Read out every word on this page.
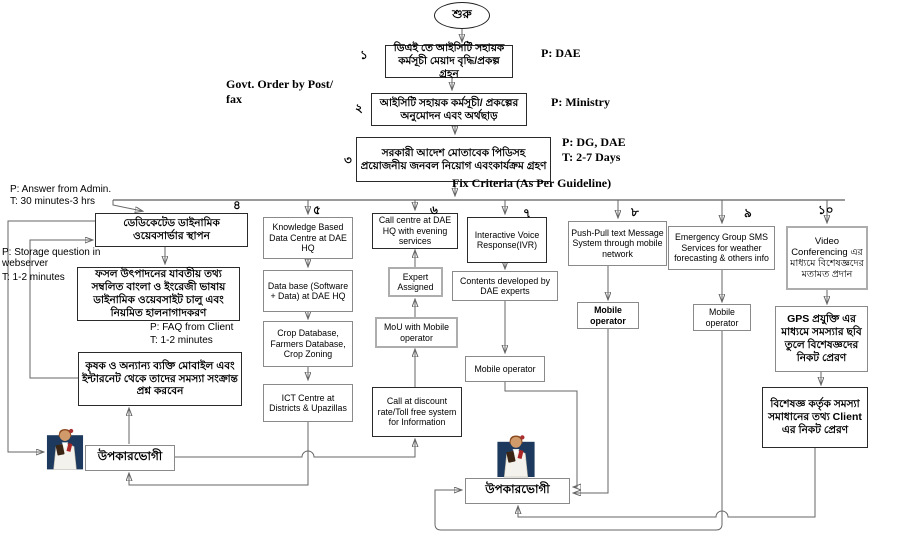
শুরু
ডিএই তে আইসিটি সহায়ক কর্মসূচী মেয়াদ বৃদ্ধি/প্রকল্প গ্রহন
১	P: DAE
আইসিটি সহায়ক কর্মসূচী/ প্রকল্পের অনুমোদন এবং অর্থছাড়
২	P: Ministry
Govt. Order by Post/ fax
সরকারী আদেশ মোতাবেক পিডিসহ প্রয়োজনীয় জনবল নিয়োগ এবংকার্যক্রম গ্রহণ
৩
P: DG, DAE
T: 2-7 Days
Fix Criteria (As Per Guideline)
৪	৫	৬	৭	৮	৯	১০
ডেডিকেটেড ডাইনামিক ওয়েবসার্ভার স্থাপন
P: Answer from Admin.
T: 30 minutes-3 hrs
ফসল উৎপাদনের যাবতীয় তথ্য সম্বলিত বাংলা ও ইংরেজী ভাষায় ডাইনামিক ওয়েবসাইট চালু এবং নিয়মিত হালনাগাদকরণ
P: Storage question in webserver
T: 1-2 minutes
P: FAQ from Client
T: 1-2 minutes
কৃষক ও অন্যান্য ব্যক্তি মোবাইল এবং ইন্টারনেট থেকে তাদের সমস্যা সংক্রান্ত প্রশ্ন করবেন
Knowledge Based Data Centre at DAE HQ
Data base (Software + Data) at DAE HQ
Crop Database, Farmers Database, Crop Zoning
ICT Centre at Districts & Upazillas
Call centre at DAE HQ with evening services
Expert Assigned
MoU with Mobile operator
Call at discount rate/Toll free system for Information
Interactive Voice Response(IVR)
Contents developed by DAE experts
Mobile operator
Push-Pull text Message System through mobile network
Mobile operator
Emergency Group SMS Services for weather forecasting & others info
Mobile operator
Video Conferencing এর মাধ্যমে বিশেষজ্ঞদের মতামত প্রদান
GPS প্রযুক্তি এর মাধ্যমে সমস্যার ছবি তুলে বিশেষজ্ঞদের নিকট প্রেরণ
বিশেষজ্ঞ কর্তৃক সমস্যা সমাধানের তথ্য Client এর নিকট প্রেরণ
উপকারভোগী
উপকারভোগী
